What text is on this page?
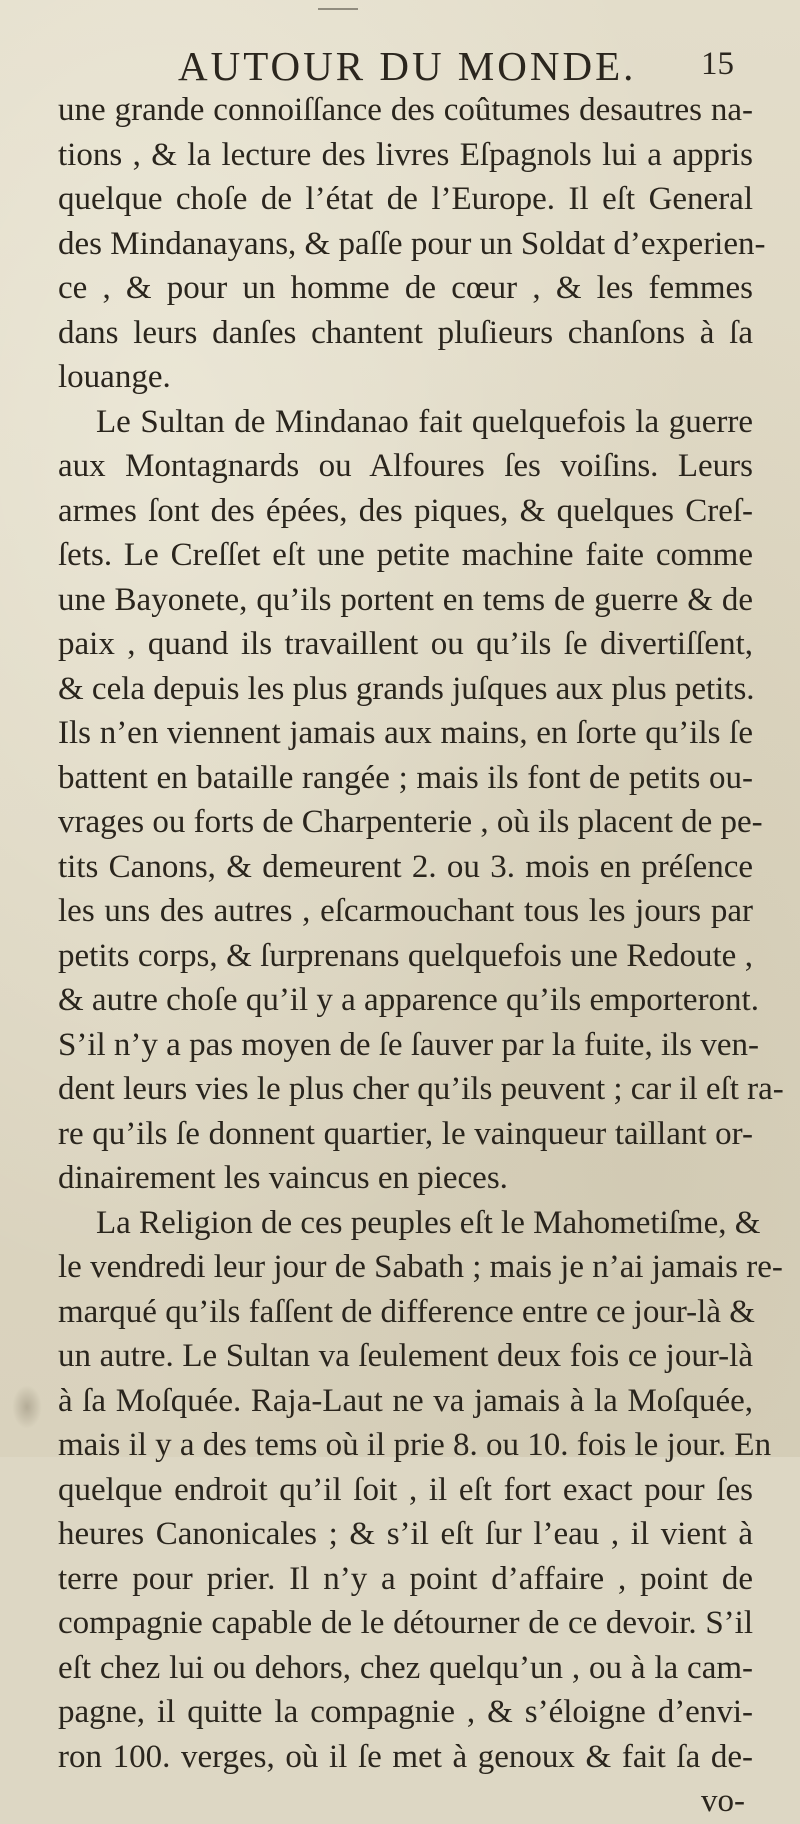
AUTOUR DU MONDE. 15
une grande connoiſſance des coûtumes desautres na-
tions , & la lecture des livres Eſpagnols lui a appris
quelque choſe de l’état de l’Europe. Il eſt General
des Mindanayans, & paſſe pour un Soldat d’experien-
ce , & pour un homme de cœur , & les femmes
dans leurs danſes chantent pluſieurs chanſons à ſa
louange.
Le Sultan de Mindanao fait quelquefois la guerre
aux Montagnards ou Alfoures ſes voiſins. Leurs
armes ſont des épées, des piques, & quelques Creſ-
ſets. Le Creſſet eſt une petite machine faite comme
une Bayonete, qu’ils portent en tems de guerre & de
paix , quand ils travaillent ou qu’ils ſe divertiſſent,
& cela depuis les plus grands juſques aux plus petits.
Ils n’en viennent jamais aux mains, en ſorte qu’ils ſe
battent en bataille rangée ; mais ils font de petits ou-
vrages ou forts de Charpenterie , où ils placent de pe-
tits Canons, & demeurent 2. ou 3. mois en préſence
les uns des autres , eſcarmouchant tous les jours par
petits corps, & ſurprenans quelquefois une Redoute ,
& autre choſe qu’il y a apparence qu’ils emporteront.
S’il n’y a pas moyen de ſe ſauver par la fuite, ils ven-
dent leurs vies le plus cher qu’ils peuvent ; car il eſt ra-
re qu’ils ſe donnent quartier, le vainqueur taillant or-
dinairement les vaincus en pieces.
La Religion de ces peuples eſt le Mahometiſme, &
le vendredi leur jour de Sabath ; mais je n’ai jamais re-
marqué qu’ils faſſent de difference entre ce jour-là &
un autre. Le Sultan va ſeulement deux fois ce jour-là
à ſa Moſquée. Raja-Laut ne va jamais à la Moſquée,
mais il y a des tems où il prie 8. ou 10. fois le jour. En
quelque endroit qu’il ſoit , il eſt fort exact pour ſes
heures Canonicales ; & s’il eſt ſur l’eau , il vient à
terre pour prier. Il n’y a point d’affaire , point de
compagnie capable de le détourner de ce devoir. S’il
eſt chez lui ou dehors, chez quelqu’un , ou à la cam-
pagne, il quitte la compagnie , & s’éloigne d’envi-
ron 100. verges, où il ſe met à genoux & fait ſa de-
vo-
